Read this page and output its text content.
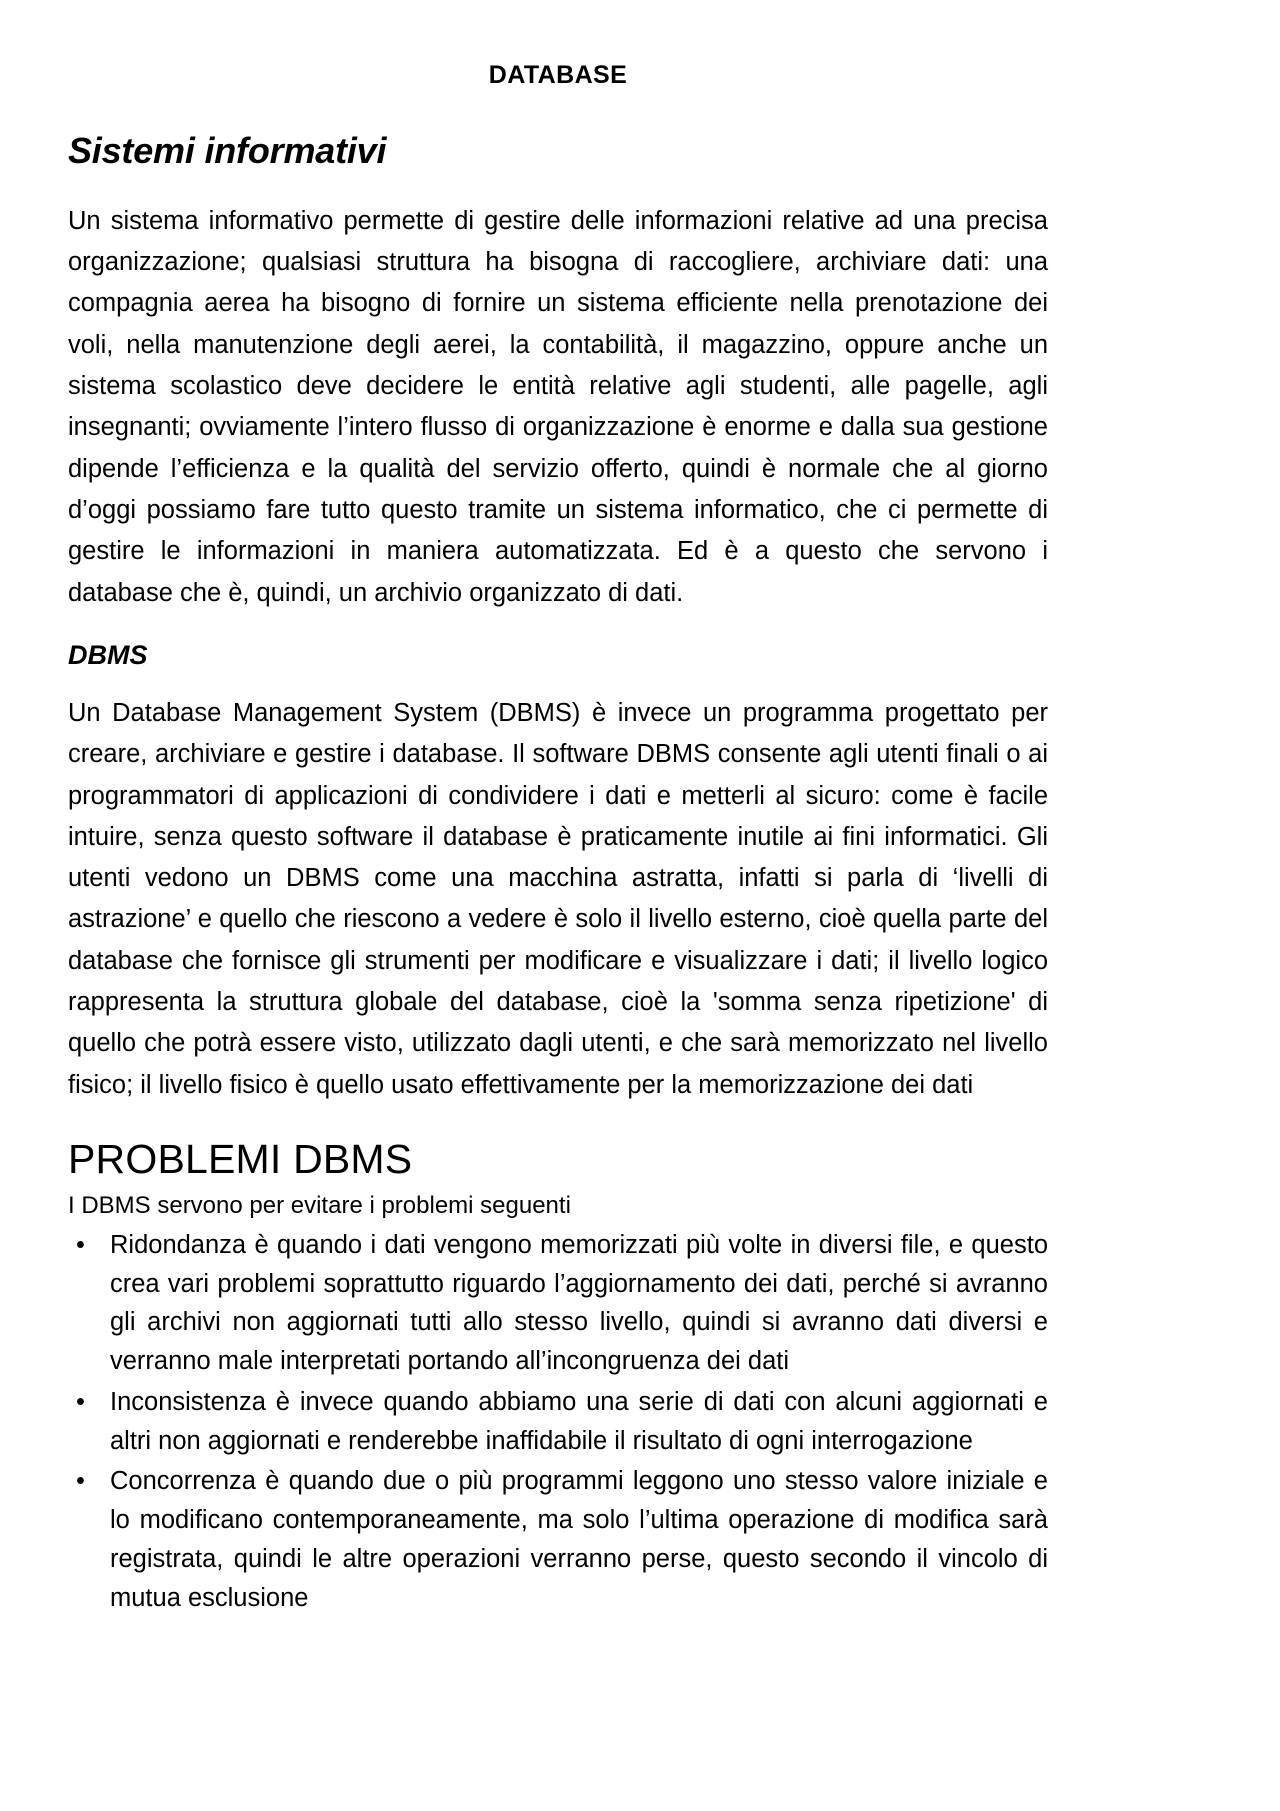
DATABASE
Sistemi informativi

Un sistema informativo permette di gestire delle informazioni relative ad una precisa organizzazione; qualsiasi struttura ha bisogna di raccogliere, archiviare dati: una compagnia aerea ha bisogno di fornire un sistema efficiente nella prenotazione dei voli, nella manutenzione degli aerei, la contabilità, il magazzino, oppure anche un sistema scolastico deve decidere le entità relative agli studenti, alle pagelle, agli insegnanti; ovviamente l’intero flusso di organizzazione è enorme e dalla sua gestione dipende l’efficienza e la qualità del servizio offerto, quindi è normale che al giorno d’oggi possiamo fare tutto questo tramite un sistema informatico, che ci permette di gestire le informazioni in maniera automatizzata. Ed è a questo che servono i database che è, quindi, un archivio organizzato di dati.

DBMS

Un Database Management System (DBMS) è invece un programma progettato per creare, archiviare e gestire i database. Il software DBMS consente agli utenti finali o ai programmatori di applicazioni di condividere i dati e metterli al sicuro: come è facile intuire, senza questo software il database è praticamente inutile ai fini informatici. Gli utenti vedono un DBMS come una macchina astratta, infatti si parla di ‘livelli di astrazione’ e quello che riescono a vedere è solo il livello esterno, cioè quella parte del database che fornisce gli strumenti per modificare e visualizzare i dati; il livello logico rappresenta la struttura globale del database, cioè la 'somma senza ripetizione' di quello che potrà essere visto, utilizzato dagli utenti, e che sarà memorizzato nel livello fisico; il livello fisico è quello usato effettivamente per la memorizzazione dei dati

PROBLEMI DBMS

I DBMS servono per evitare i problemi seguenti

• Ridondanza è quando i dati vengono memorizzati più volte in diversi file, e questo crea vari problemi soprattutto riguardo l’aggiornamento dei dati, perché si avranno gli archivi non aggiornati tutti allo stesso livello, quindi si avranno dati diversi e verranno male interpretati portando all’incongruenza dei dati
• Inconsistenza è invece quando abbiamo una serie di dati con alcuni aggiornati e altri non aggiornati e renderebbe inaffidabile il risultato di ogni interrogazione
• Concorrenza è quando due o più programmi leggono uno stesso valore iniziale e lo modificano contemporaneamente, ma solo l’ultima operazione di modifica sarà registrata, quindi le altre operazioni verranno perse, questo secondo il vincolo di mutua esclusione
